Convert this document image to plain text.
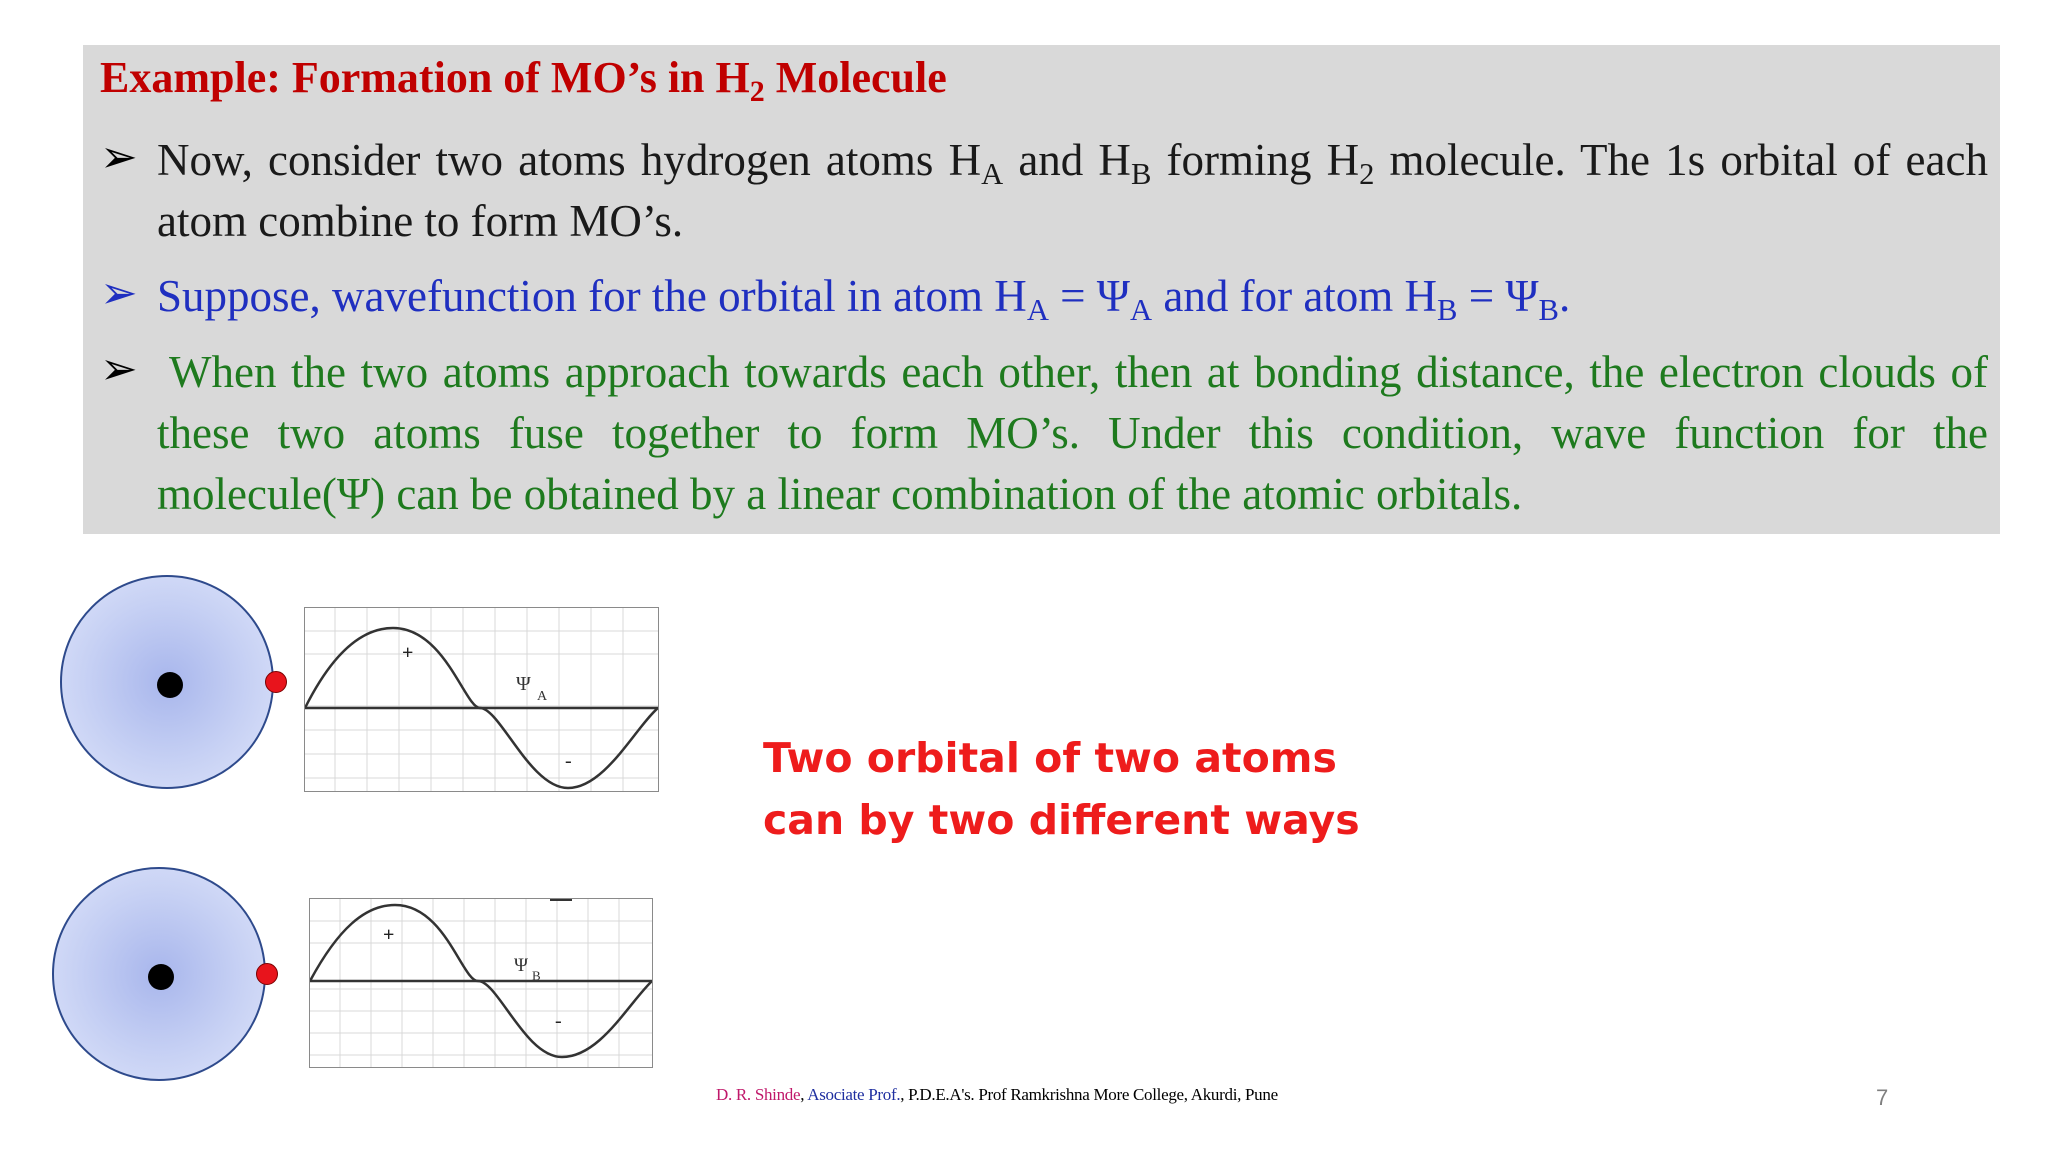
Example: Formation of MO’s in $H_2$ Molecule
➢ Now, consider two atoms hydrogen atoms $H_A$ and $H_B$ forming $H_2$ molecule. The 1s orbital of each atom combine to form MO’s.
➢ Suppose, wavefunction for the orbital in atom $H_A = \Psi_A$ and for atom $H_B = \Psi_B$.
➢ When the two atoms approach towards each other, then at bonding distance, the electron clouds of these two atoms fuse together to form MO’s. Under this condition, wave function for the molecule(Ψ) can be obtained by a linear combination of the atomic orbitals.
+
-
Ψ
A
+
-
Ψ B
Two orbital of two atoms
can by two different ways
D. R. Shinde, Asociate Prof., P.D.E.A's. Prof Ramkrishna More College, Akurdi, Pune	7
